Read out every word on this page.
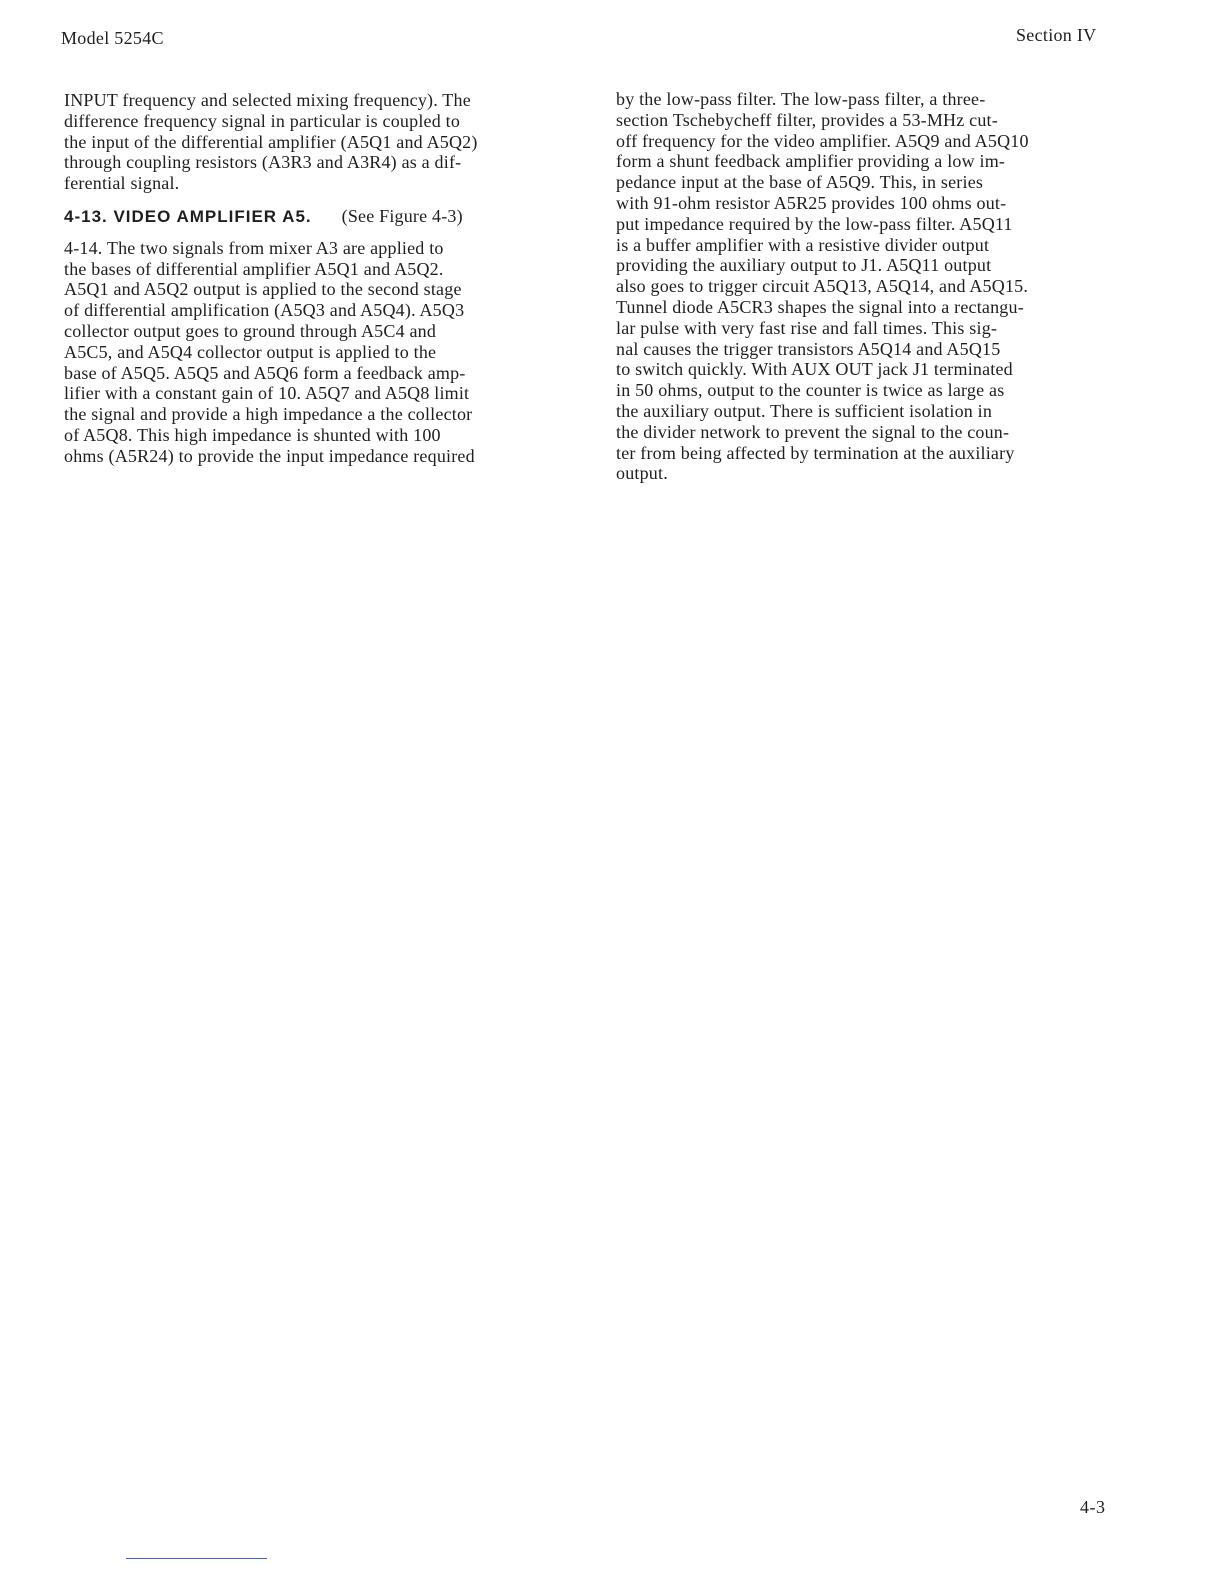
Model 5254C	Section IV
INPUT frequency and selected mixing frequency). The
difference frequency signal in particular is coupled to
the input of the differential amplifier (A5Q1 and A5Q2)
through coupling resistors (A3R3 and A3R4) as a dif-
ferential signal.
4-13. VIDEO AMPLIFIER A5. (See Figure 4-3)
4-14. The two signals from mixer A3 are applied to
the bases of differential amplifier A5Q1 and A5Q2.
A5Q1 and A5Q2 output is applied to the second stage
of differential amplification (A5Q3 and A5Q4). A5Q3
collector output goes to ground through A5C4 and
A5C5, and A5Q4 collector output is applied to the
base of A5Q5. A5Q5 and A5Q6 form a feedback amp-
lifier with a constant gain of 10. A5Q7 and A5Q8 limit
the signal and provide a high impedance a the collector
of A5Q8. This high impedance is shunted with 100
ohms (A5R24) to provide the input impedance required
by the low-pass filter. The low-pass filter, a three-
section Tschebycheff filter, provides a 53-MHz cut-
off frequency for the video amplifier. A5Q9 and A5Q10
form a shunt feedback amplifier providing a low im-
pedance input at the base of A5Q9. This, in series
with 91-ohm resistor A5R25 provides 100 ohms out-
put impedance required by the low-pass filter. A5Q11
is a buffer amplifier with a resistive divider output
providing the auxiliary output to J1. A5Q11 output
also goes to trigger circuit A5Q13, A5Q14, and A5Q15.
Tunnel diode A5CR3 shapes the signal into a rectangu-
lar pulse with very fast rise and fall times. This sig-
nal causes the trigger transistors A5Q14 and A5Q15
to switch quickly. With AUX OUT jack J1 terminated
in 50 ohms, output to the counter is twice as large as
the auxiliary output. There is sufficient isolation in
the divider network to prevent the signal to the coun-
ter from being affected by termination at the auxiliary
output.
4-3
